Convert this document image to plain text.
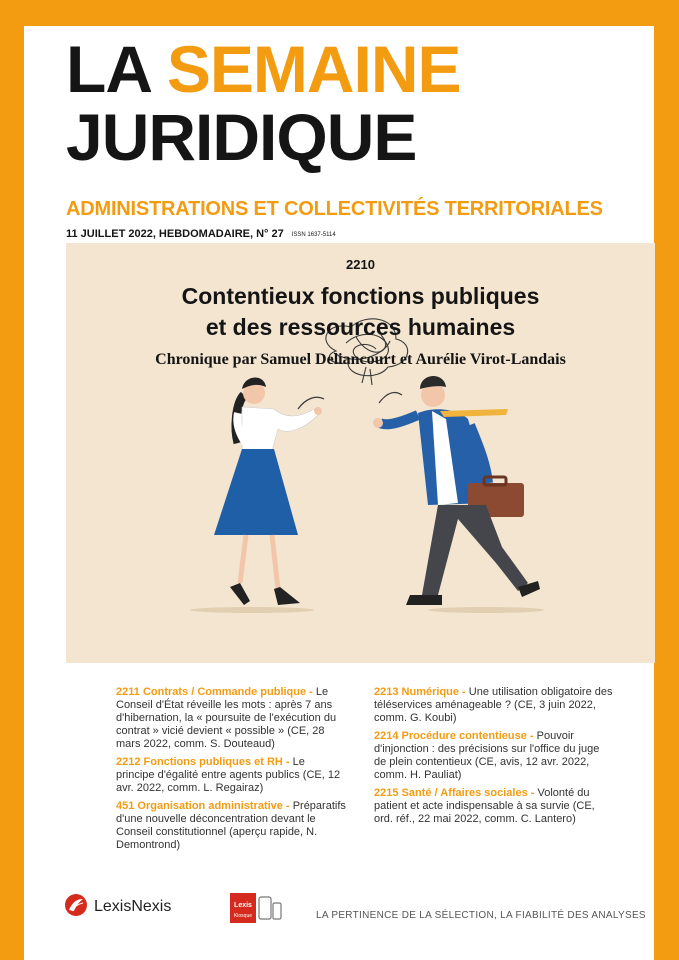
LA SEMAINE
JURIDIQUE
ADMINISTRATIONS ET COLLECTIVITÉS TERRITORIALES
11 JUILLET 2022, HEBDOMADAIRE, N° 27 ISSN 1637-5114
2210
Contentieux fonctions publiques
et des ressources humaines
Chronique par Samuel Deliancourt et Aurélie Virot-Landais
2211 Contrats / Commande publique - Le Conseil d'État réveille les mots : après 7 ans d'hibernation, la « poursuite de l'exécution du contrat » vicié devient « possible » (CE, 28 mars 2022, comm. S. Douteaud)
2212 Fonctions publiques et RH - Le principe d'égalité entre agents publics (CE, 12 avr. 2022, comm. L. Regairaz)
451 Organisation administrative - Préparatifs d'une nouvelle déconcentration devant le Conseil constitutionnel (aperçu rapide, N. Demontrond)
2213 Numérique - Une utilisation obligatoire des téléservices aménageable ? (CE, 3 juin 2022, comm. G. Koubi)
2214 Procédure contentieuse - Pouvoir d'injonction : des précisions sur l'office du juge de plein contentieux (CE, avis, 12 avr. 2022, comm. H. Pauliat)
2215 Santé / Affaires sociales - Volonté du patient et acte indispensable à sa survie (CE, ord. réf., 22 mai 2022, comm. C. Lantero)
LexisNexis	Lexis
Kiosque	LA PERTINENCE DE LA SÉLECTION, LA FIABILITÉ DES ANALYSES
